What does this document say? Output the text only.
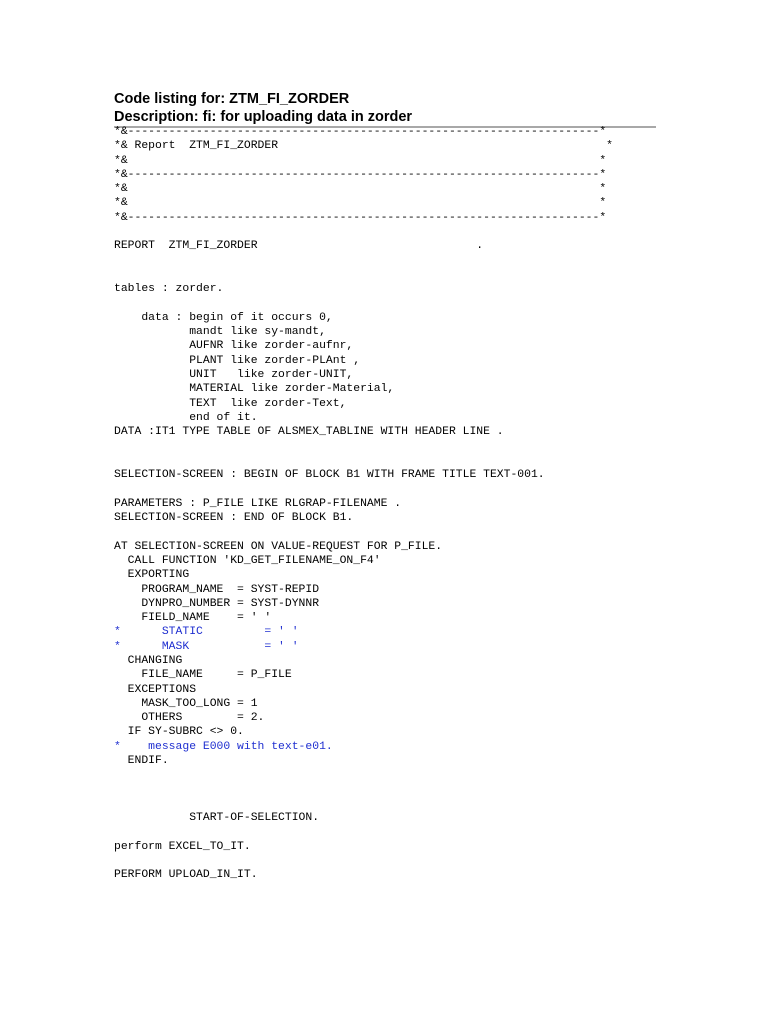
Code listing for: ZTM_FI_ZORDER
Description: fi: for uploading data in zorder
*&---------------------------------------------------------------------*
*& Report  ZTM_FI_ZORDER                                                *
*&                                                                     *
*&---------------------------------------------------------------------*
*&                                                                     *
*&                                                                     *
*&---------------------------------------------------------------------*
REPORT  ZTM_FI_ZORDER                                .
tables : zorder.
data : begin of it occurs 0,
mandt like sy-mandt,
AUFNR like zorder-aufnr,
PLANT like zorder-PLAnt ,
UNIT   like zorder-UNIT,
MATERIAL like zorder-Material,
TEXT  like zorder-Text,
end of it.
DATA :IT1 TYPE TABLE OF ALSMEX_TABLINE WITH HEADER LINE .
SELECTION-SCREEN : BEGIN OF BLOCK B1 WITH FRAME TITLE TEXT-001.
PARAMETERS : P_FILE LIKE RLGRAP-FILENAME .
SELECTION-SCREEN : END OF BLOCK B1.
AT SELECTION-SCREEN ON VALUE-REQUEST FOR P_FILE.
CALL FUNCTION 'KD_GET_FILENAME_ON_F4'
EXPORTING
PROGRAM_NAME  = SYST-REPID
DYNPRO_NUMBER = SYST-DYNNR
FIELD_NAME    = ' '
*      STATIC         = ' '
*      MASK           = ' '
CHANGING
FILE_NAME     = P_FILE
EXCEPTIONS
MASK_TOO_LONG = 1
OTHERS        = 2.
IF SY-SUBRC <> 0.
*    message E000 with text-e01.
ENDIF.
START-OF-SELECTION.
perform EXCEL_TO_IT.
PERFORM UPLOAD_IN_IT.
